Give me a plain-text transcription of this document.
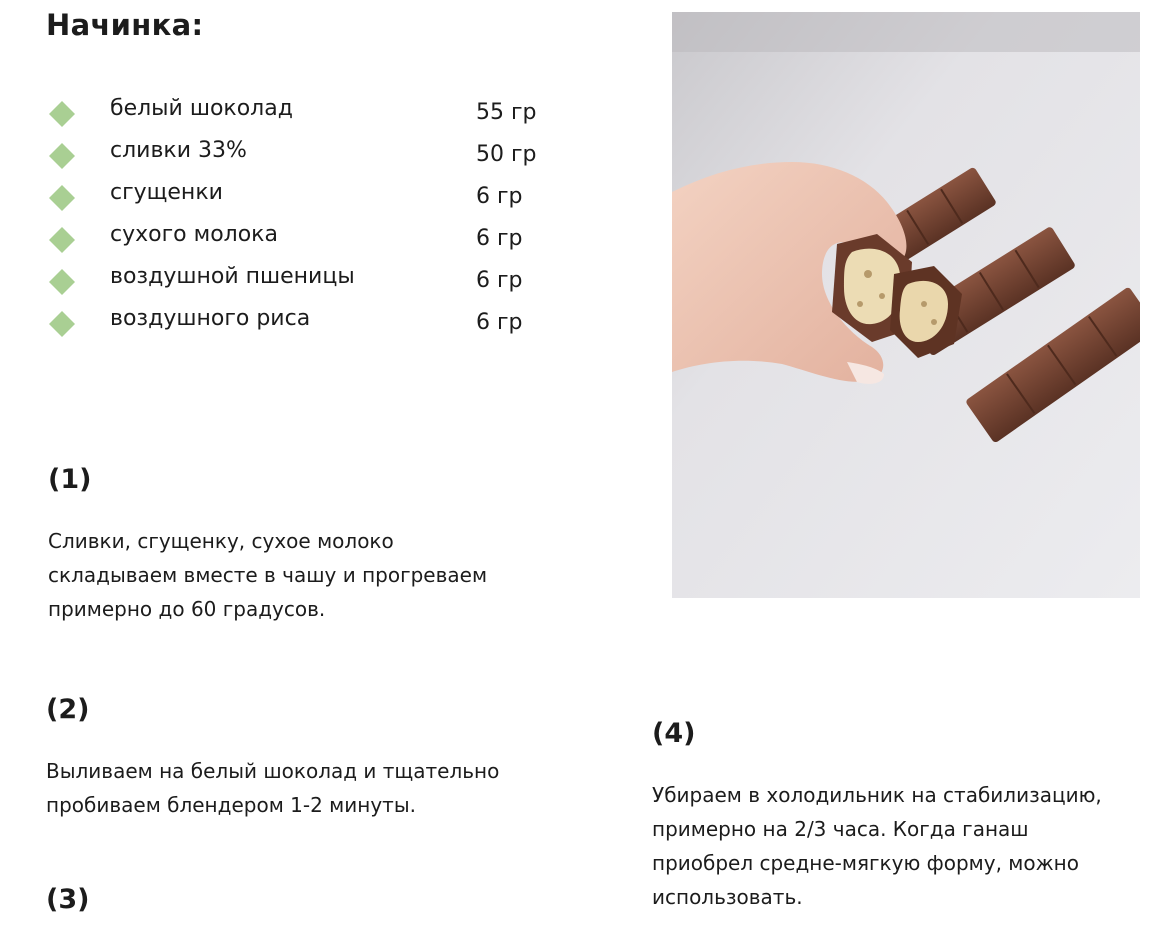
Начинка:
белый шоколад	55 гр
сливки 33%	50 гр
сгущенки	6 гр
сухого молока	6 гр
воздушной пшеницы	6 гр
воздушного риса	6 гр
(1)
Сливки, сгущенку, сухое молоко
складываем вместе в чашу и прогреваем
примерно до 60 градусов.
(2)
Выливаем на белый шоколад и тщательно
пробиваем блендером 1-2 минуты.
(3)
(4)
Убираем в холодильник на стабилизацию,
примерно на 2/3 часа. Когда ганаш
приобрел средне-мягкую форму, можно
использовать.
